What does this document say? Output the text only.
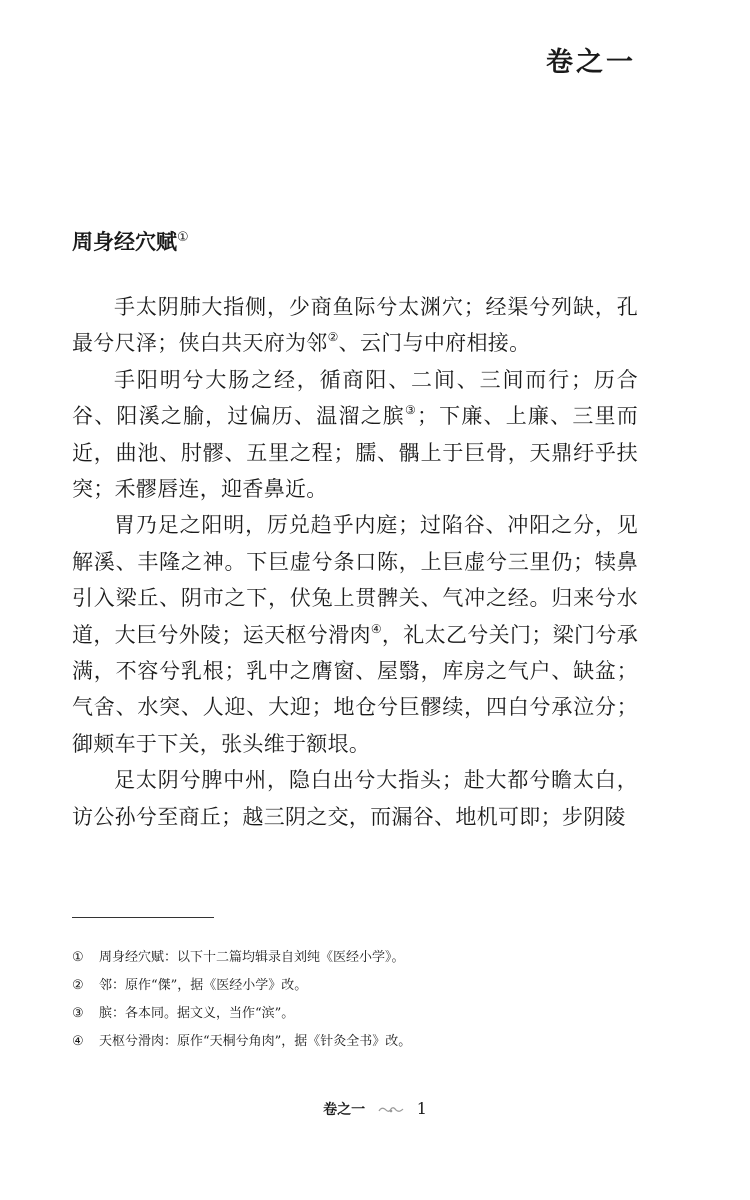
卷之一
周身经穴赋①

手太阴肺大指侧，少商鱼际兮太渊穴；经渠兮列缺，孔最兮尺泽；侠白共天府为邻②、云门与中府相接。

手阳明兮大肠之经，循商阳、二间、三间而行；历合谷、阳溪之腧，过偏历、温溜之膑③；下廉、上廉、三里而近，曲池、肘髎、五里之程；臑、髃上于巨骨，天鼎纡乎扶突；禾髎唇连，迎香鼻近。

胃乃足之阳明，厉兑趋乎内庭；过陷谷、冲阳之分，见解溪、丰隆之神。下巨虚兮条口陈，上巨虚兮三里仍；犊鼻引入梁丘、阴市之下，伏兔上贯髀关、气冲之经。归来兮水道，大巨兮外陵；运天枢兮滑肉④，礼太乙兮关门；梁门兮承满，不容兮乳根；乳中之膺窗、屋翳，库房之气户、缺盆；气舍、水突、人迎、大迎；地仓兮巨髎续，四白兮承泣分；御颊车于下关，张头维于额垠。

足太阴兮脾中州，隐白出兮大指头；赴大都兮瞻太白，访公孙兮至商丘；越三阴之交，而漏谷、地机可即；步阴陵

①	周身经穴赋：以下十二篇均辑录自刘纯《医经小学》。
②	邻：原作“傑”，据《医经小学》改。
③	膑：各本同。据文义，当作“滨”。
④	天枢兮滑肉：原作“天桐兮角肉”，据《针灸全书》改。
卷之一	1
